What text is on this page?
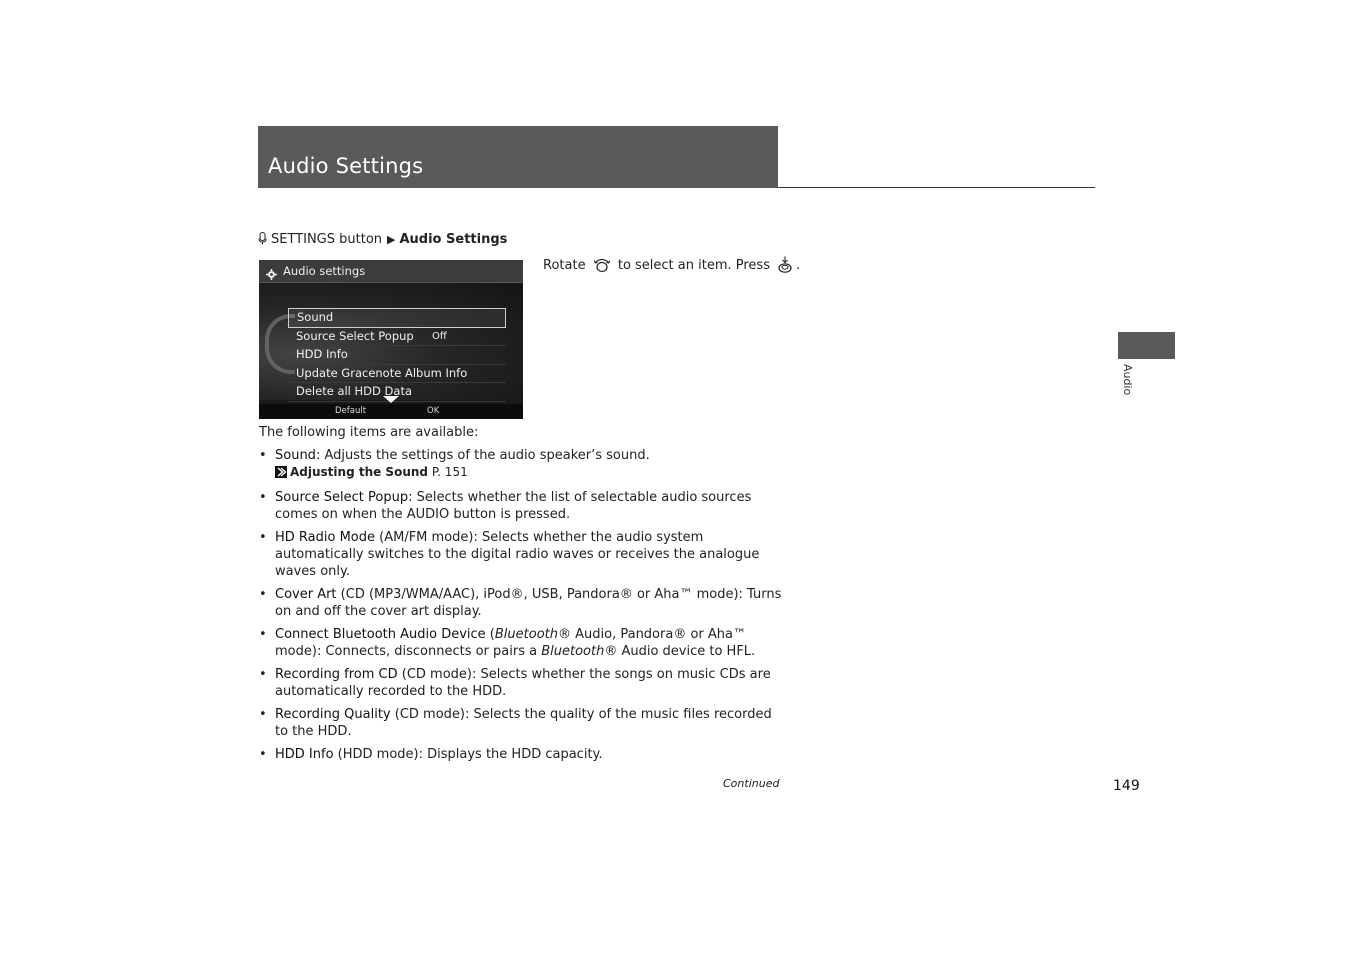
Audio Settings
SETTINGS button ▶ Audio Settings
Audio settings
Sound
Source Select Popup Off
HDD Info
Update Gracenote Album Info
Delete all HDD Data
Default	OK
Rotate to select an item. Press .
The following items are available:
• Sound: Adjusts the settings of the audio speaker’s sound.
Adjusting the Sound P. 151
• Source Select Popup: Selects whether the list of selectable audio sources comes on when the AUDIO button is pressed.
• HD Radio Mode (AM/FM mode): Selects whether the audio system automatically switches to the digital radio waves or receives the analogue waves only.
• Cover Art (CD (MP3/WMA/AAC), iPod®, USB, Pandora® or Aha™ mode): Turns on and off the cover art display.
• Connect Bluetooth Audio Device (Bluetooth® Audio, Pandora® or Aha™ mode): Connects, disconnects or pairs a Bluetooth® Audio device to HFL.
• Recording from CD (CD mode): Selects whether the songs on music CDs are automatically recorded to the HDD.
• Recording Quality (CD mode): Selects the quality of the music files recorded to the HDD.
• HDD Info (HDD mode): Displays the HDD capacity.
Continued	149
Audio
